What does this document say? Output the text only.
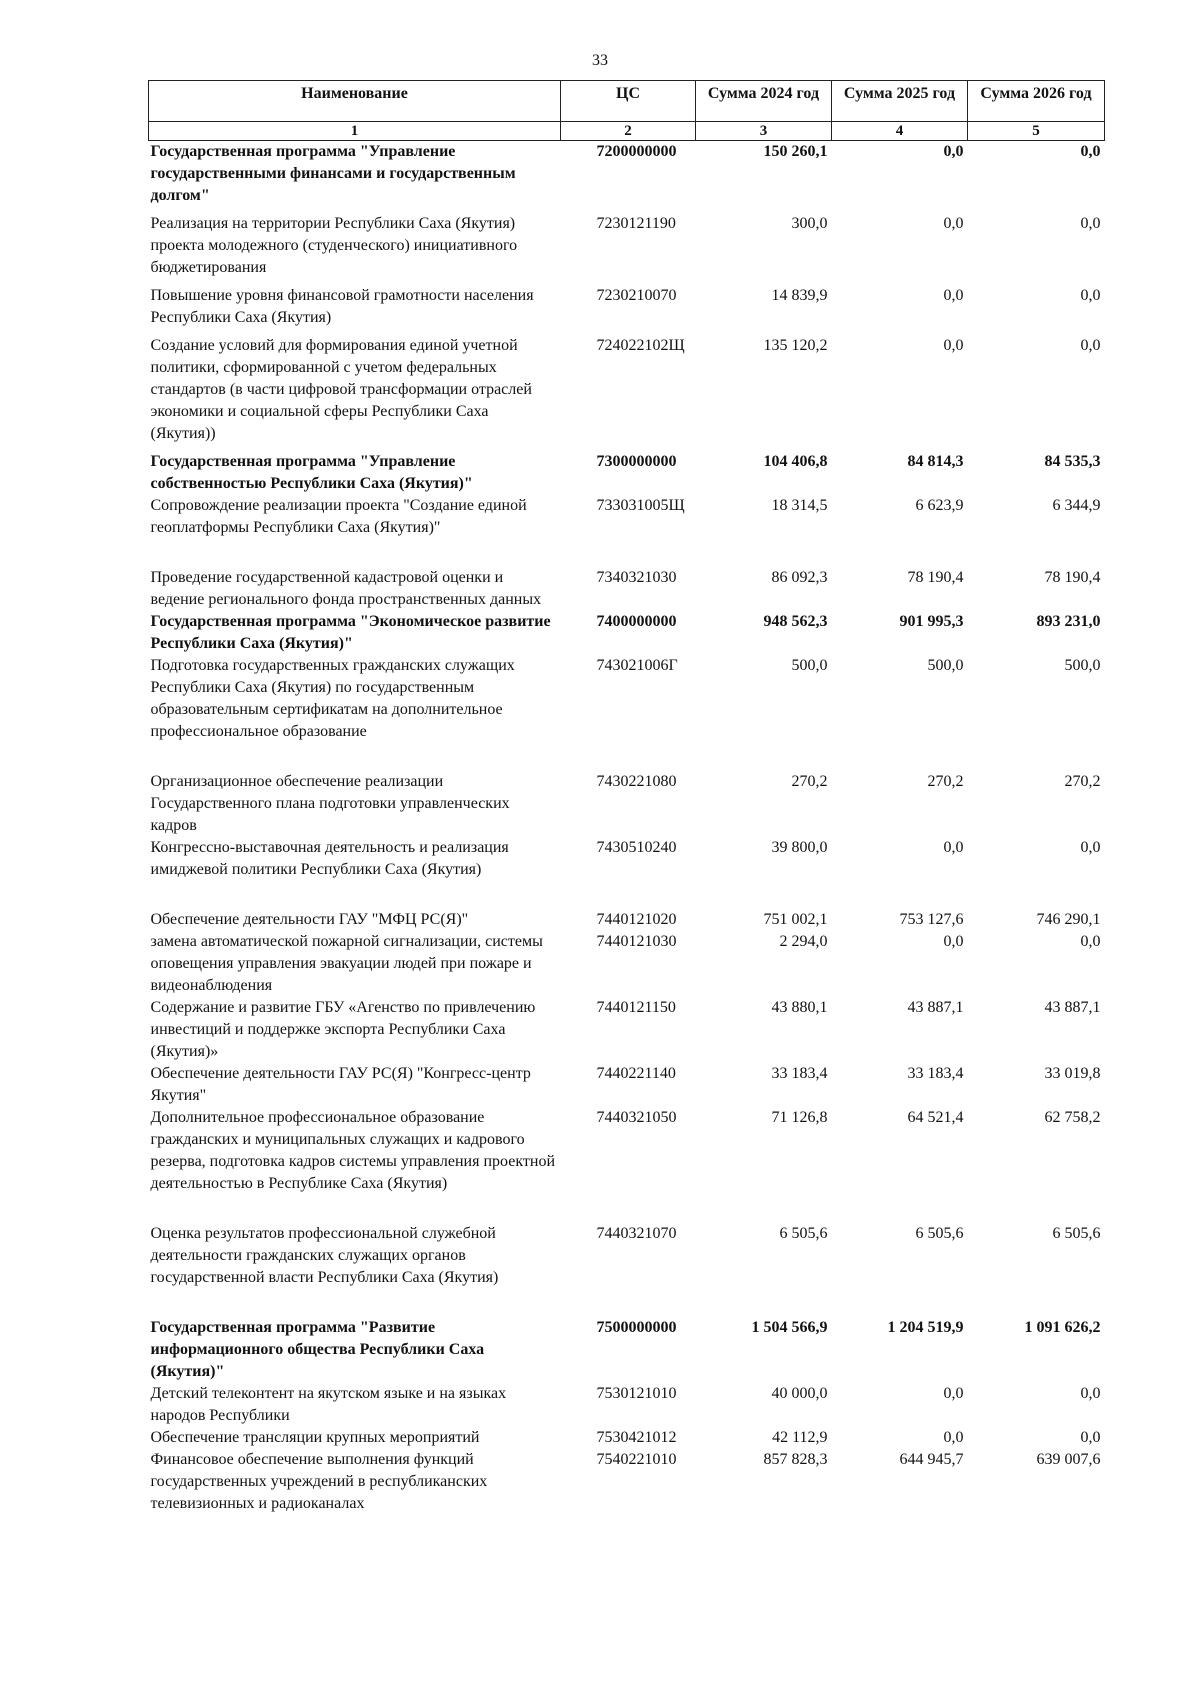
33
Наименование	ЦС	Сумма 2024 год	Сумма 2025 год	Сумма 2026 год
1	2	3	4	5
Государственная программа "Управление государственными финансами и государственным долгом"	7200000000	150 260,1	0,0	0,0
Реализация на территории Республики Саха (Якутия) проекта молодежного (студенческого) инициативного бюджетирования	7230121190	300,0	0,0	0,0
Повышение уровня финансовой грамотности населения Республики Саха (Якутия)	7230210070	14 839,9	0,0	0,0
Создание условий для формирования единой учетной политики, сформированной с учетом федеральных стандартов (в части цифровой трансформации отраслей экономики и социальной сферы Республики Саха (Якутия))	724022102Щ	135 120,2	0,0	0,0
Государственная программа "Управление собственностью Республики Саха (Якутия)"	7300000000	104 406,8	84 814,3	84 535,3
Сопровождение реализации проекта "Создание единой геоплатформы Республики Саха (Якутия)"	733031005Щ	18 314,5	6 623,9	6 344,9
Проведение государственной кадастровой оценки и ведение регионального фонда пространственных данных	7340321030	86 092,3	78 190,4	78 190,4
Государственная программа "Экономическое развитие Республики Саха (Якутия)"	7400000000	948 562,3	901 995,3	893 231,0
Подготовка государственных гражданских служащих Республики Саха (Якутия) по государственным образовательным сертификатам на дополнительное профессиональное образование	743021006Г	500,0	500,0	500,0
Организационное обеспечение реализации Государственного плана подготовки управленческих кадров	7430221080	270,2	270,2	270,2
Конгрессно-выставочная деятельность и реализация имиджевой политики Республики Саха (Якутия)	7430510240	39 800,0	0,0	0,0
Обеспечение деятельности ГАУ "МФЦ РС(Я)"	7440121020	751 002,1	753 127,6	746 290,1
замена автоматической пожарной сигнализации, системы оповещения управления эвакуации людей при пожаре и видеонаблюдения	7440121030	2 294,0	0,0	0,0
Содержание и развитие ГБУ «Агенство по привлечению инвестиций и поддержке экспорта Республики Саха (Якутия)»	7440121150	43 880,1	43 887,1	43 887,1
Обеспечение деятельности ГАУ РС(Я) "Конгресс-центр Якутия"	7440221140	33 183,4	33 183,4	33 019,8
Дополнительное профессиональное образование гражданских и муниципальных служащих и кадрового резерва, подготовка кадров системы управления проектной деятельностью в Республике Саха (Якутия)	7440321050	71 126,8	64 521,4	62 758,2
Оценка результатов профессиональной служебной деятельности гражданских служащих органов государственной власти Республики Саха (Якутия)	7440321070	6 505,6	6 505,6	6 505,6
Государственная программа "Развитие информационного общества Республики Саха (Якутия)"	7500000000	1 504 566,9	1 204 519,9	1 091 626,2
Детский телеконтент на якутском языке и на языках народов Республики	7530121010	40 000,0	0,0	0,0
Обеспечение трансляции крупных мероприятий	7530421012	42 112,9	0,0	0,0
Финансовое обеспечение выполнения функций государственных учреждений в республиканских телевизионных и радиоканалах	7540221010	857 828,3	644 945,7	639 007,6
